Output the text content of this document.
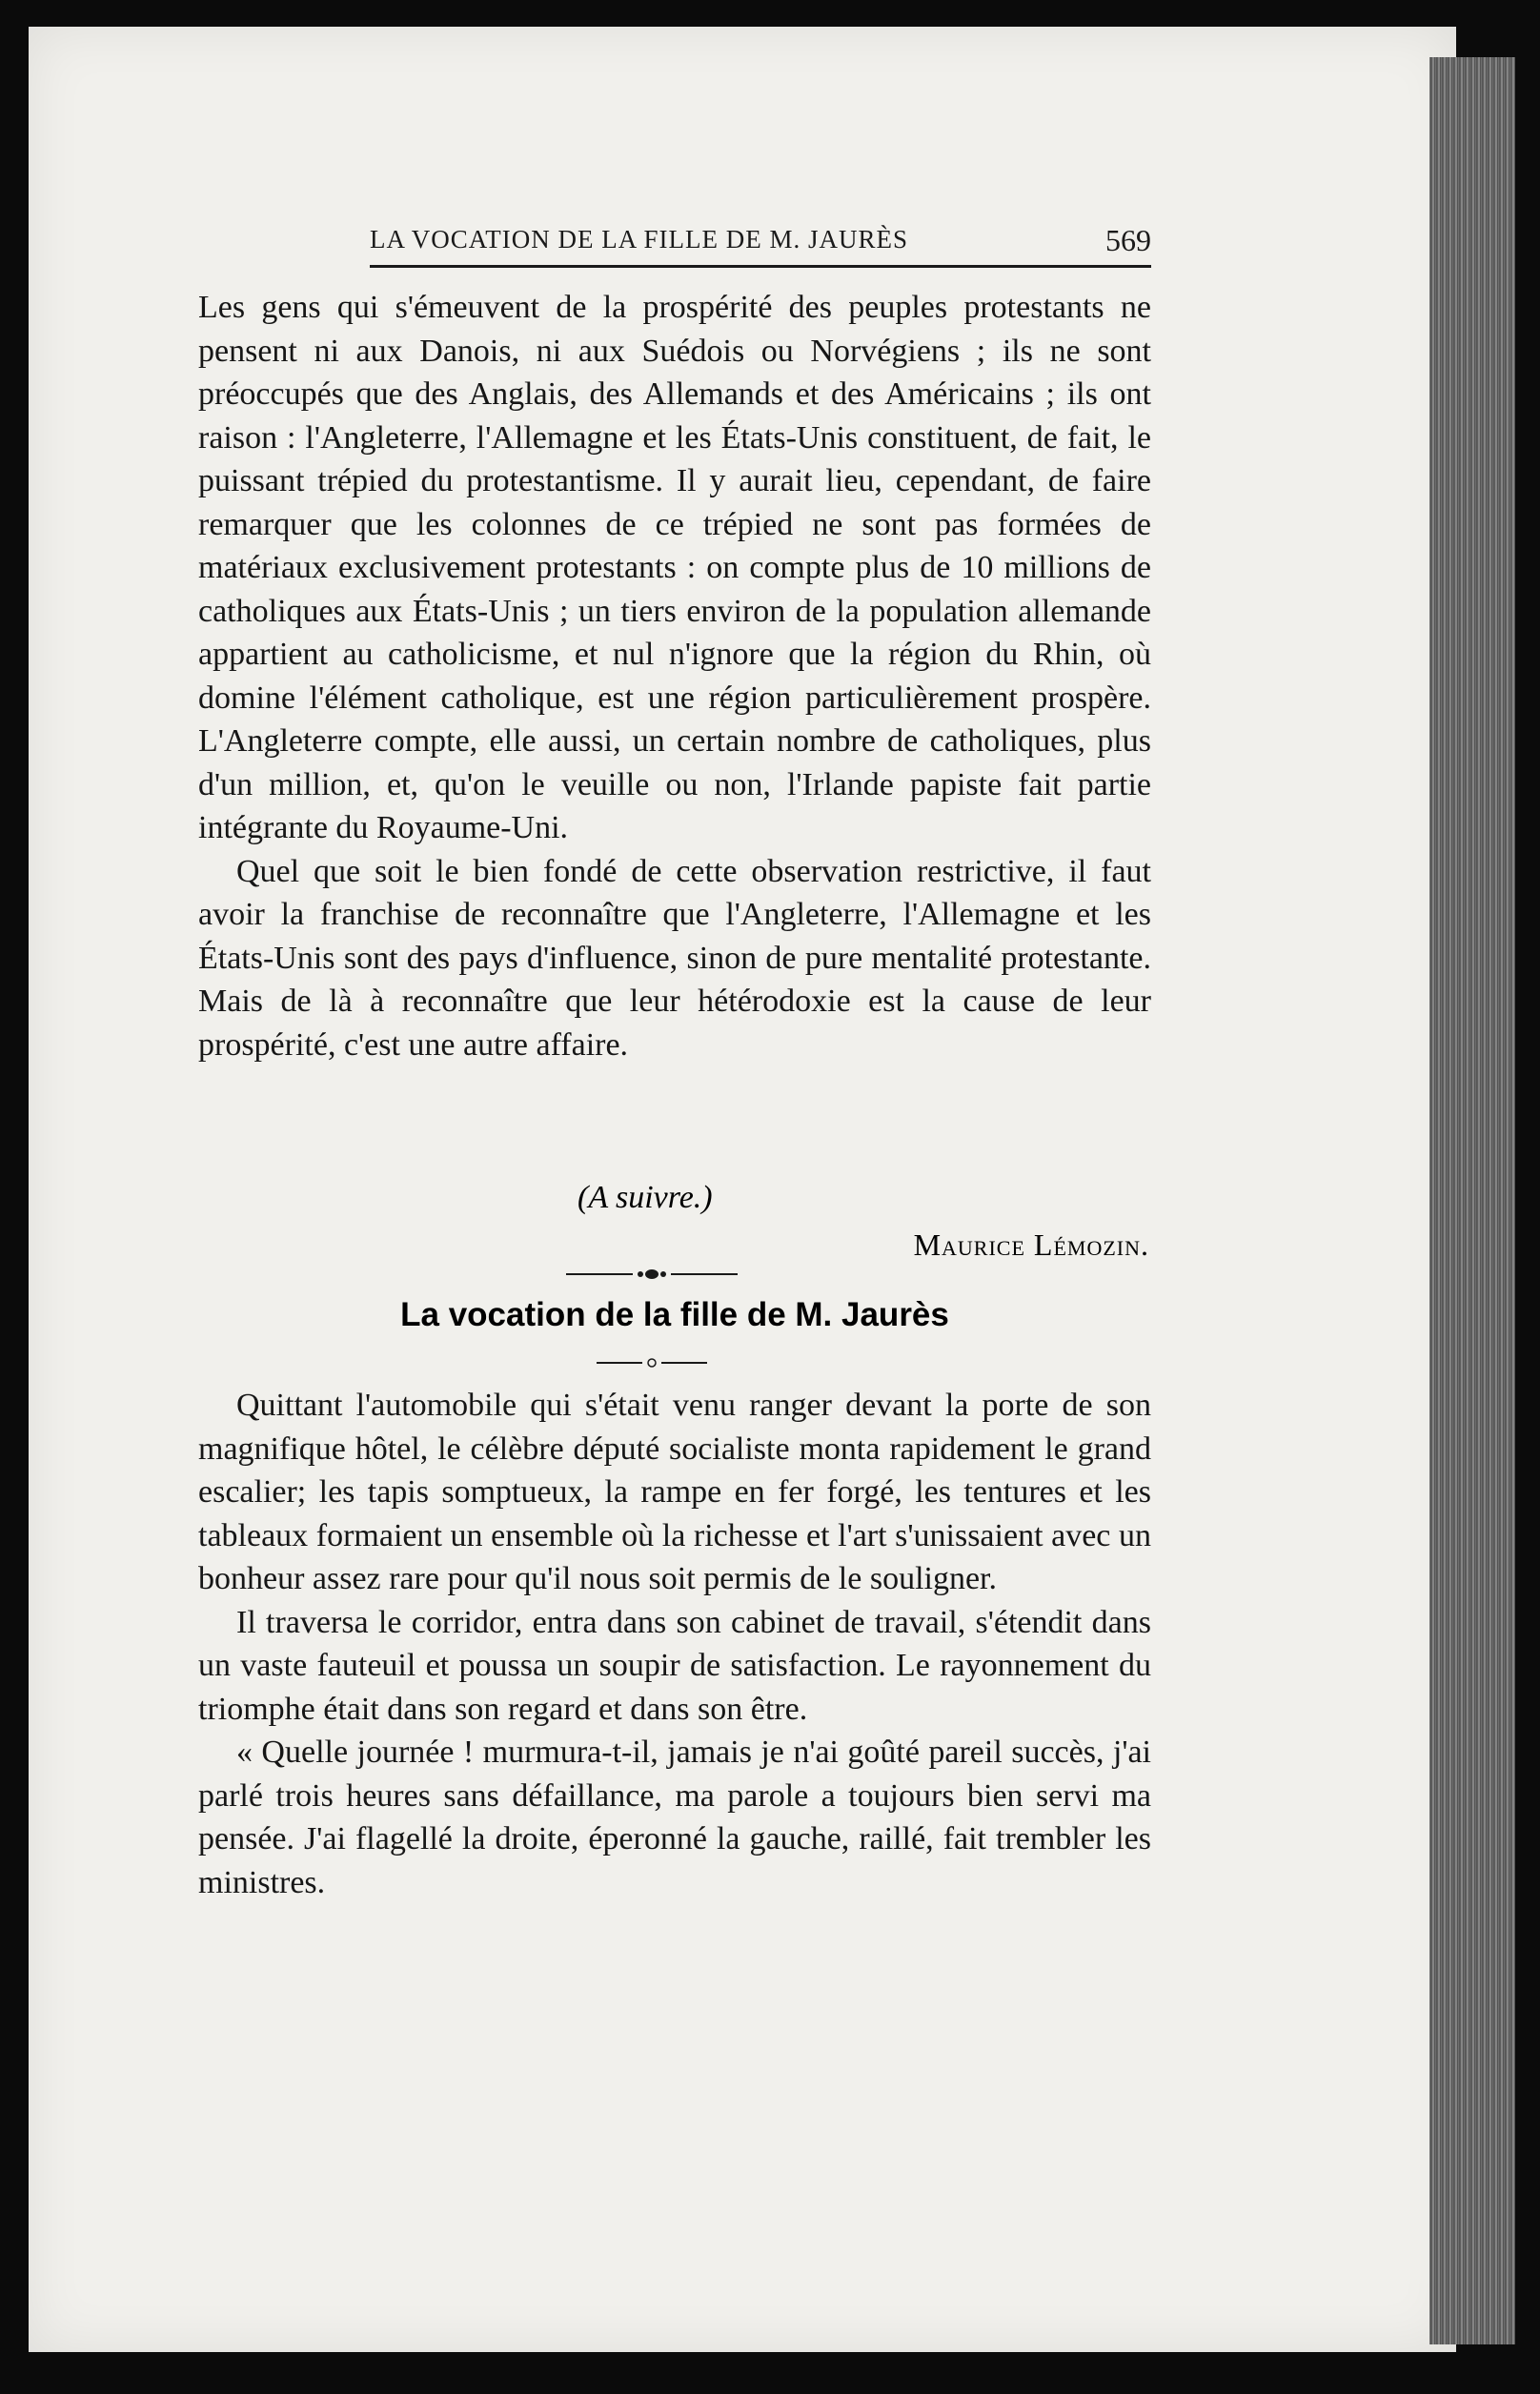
LA VOCATION DE LA FILLE DE M. JAURÈS	569

Les gens qui s'émeuvent de la prospérité des peuples protestants ne pensent ni aux Danois, ni aux Suédois ou Norvégiens ; ils ne sont préoccupés que des Anglais, des Allemands et des Américains ; ils ont raison : l'Angleterre, l'Allemagne et les États-Unis constituent, de fait, le puissant trépied du protestantisme. Il y aurait lieu, cependant, de faire remarquer que les colonnes de ce trépied ne sont pas formées de matériaux exclusivement protestants : on compte plus de 10 millions de catholiques aux États-Unis ; un tiers environ de la population allemande appartient au catholicisme, et nul n'ignore que la région du Rhin, où domine l'élément catholique, est une région particulièrement prospère. L'Angleterre compte, elle aussi, un certain nombre de catholiques, plus d'un million, et, qu'on le veuille ou non, l'Irlande papiste fait partie intégrante du Royaume-Uni.

Quel que soit le bien fondé de cette observation restrictive, il faut avoir la franchise de reconnaître que l'Angleterre, l'Allemagne et les États-Unis sont des pays d'influence, sinon de pure mentalité protestante. Mais de là à reconnaître que leur hétérodoxie est la cause de leur prospérité, c'est une autre affaire.

(A suivre.)
Maurice Lémozin.
La vocation de la fille de M. Jaurès

Quittant l'automobile qui s'était venu ranger devant la porte de son magnifique hôtel, le célèbre député socialiste monta rapidement le grand escalier; les tapis somptueux, la rampe en fer forgé, les tentures et les tableaux formaient un ensemble où la richesse et l'art s'unissaient avec un bonheur assez rare pour qu'il nous soit permis de le souligner.

Il traversa le corridor, entra dans son cabinet de travail, s'étendit dans un vaste fauteuil et poussa un soupir de satisfaction. Le rayonnement du triomphe était dans son regard et dans son être.

« Quelle journée ! murmura-t-il, jamais je n'ai goûté pareil succès, j'ai parlé trois heures sans défaillance, ma parole a toujours bien servi ma pensée. J'ai flagellé la droite, éperonné la gauche, raillé, fait trembler les ministres.
